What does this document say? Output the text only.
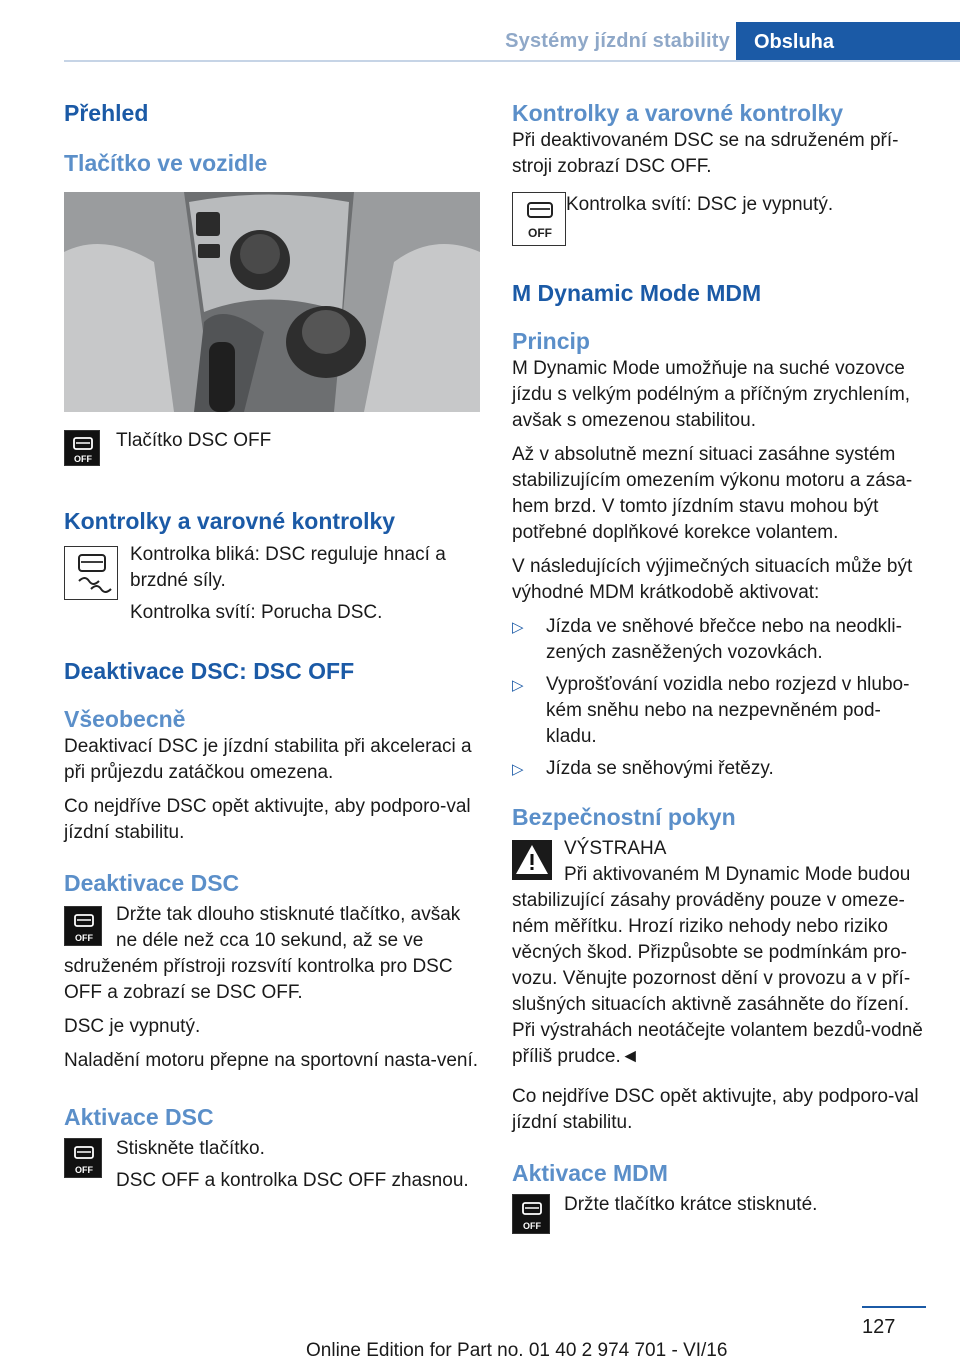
Systémy jízdní stability	Obsluha
Přehled
Tlačítko ve vozidle
OFF

Tlačítko DSC OFF

Kontrolky a varovné kontrolky

Kontrolka bliká: DSC reguluje hnací a brzdné síly.

Kontrolka svítí: Porucha DSC.

Deaktivace DSC: DSC OFF
Všeobecně

Deaktivací DSC je jízdní stabilita při akceleraci a při průjezdu zatáčkou omezena.

Co nejdříve DSC opět aktivujte, aby podporo‐val jízdní stabilitu.

Deaktivace DSC
OFF

Držte tak dlouho stisknuté tlačítko, avšak ne déle než cca 10 sekund, až se ve sdruženém přístroji rozsvítí kontrolka pro DSC OFF a zobrazí se DSC OFF.

DSC je vypnutý.

Naladění motoru přepne na sportovní nasta‐vení.

Aktivace DSC
OFF

Stiskněte tlačítko.

DSC OFF a kontrolka DSC OFF zhasnou.

Kontrolky a varovné kontrolky

Při deaktivovaném DSC se na sdruženém pří‐stroji zobrazí DSC OFF.

OFF

Kontrolka svítí: DSC je vypnutý.

M Dynamic Mode MDM
Princip

M Dynamic Mode umožňuje na suché vozovce jízdu s velkým podélným a příčným zrychlením, avšak s omezenou stabilitou.

Až v absolutně mezní situaci zasáhne systém stabilizujícím omezením výkonu motoru a zása‐hem brzd. V tomto jízdním stavu mohou být potřebné doplňkové korekce volantem.

V následujících výjimečných situacích může být výhodné MDM krátkodobě aktivovat:

▷ Jízda ve sněhové břečce nebo na neodkli‐zených zasněžených vozovkách.
▷ Vyprošťování vozidla nebo rozjezd v hlubo‐kém sněhu nebo na nezpevněném pod‐kladu.
▷ Jízda se sněhovými řetězy.
Bezpečnostní pokyn

VÝSTRAHA

Při aktivovaném M Dynamic Mode budou stabilizující zásahy prováděny pouze v omeze‐ném měřítku. Hrozí riziko nehody nebo riziko věcných škod. Přizpůsobte se podmínkám pro‐vozu. Věnujte pozornost dění v provozu a v pří‐slušných situacích aktivně zasáhněte do řízení. Při výstrahách neotáčejte volantem bezdů‐vodně příliš prudce.◄

Co nejdříve DSC opět aktivujte, aby podporo‐val jízdní stabilitu.

Aktivace MDM
OFF

Držte tlačítko krátce stisknuté.

127
Online Edition for Part no. 01 40 2 974 701 - VI/16
